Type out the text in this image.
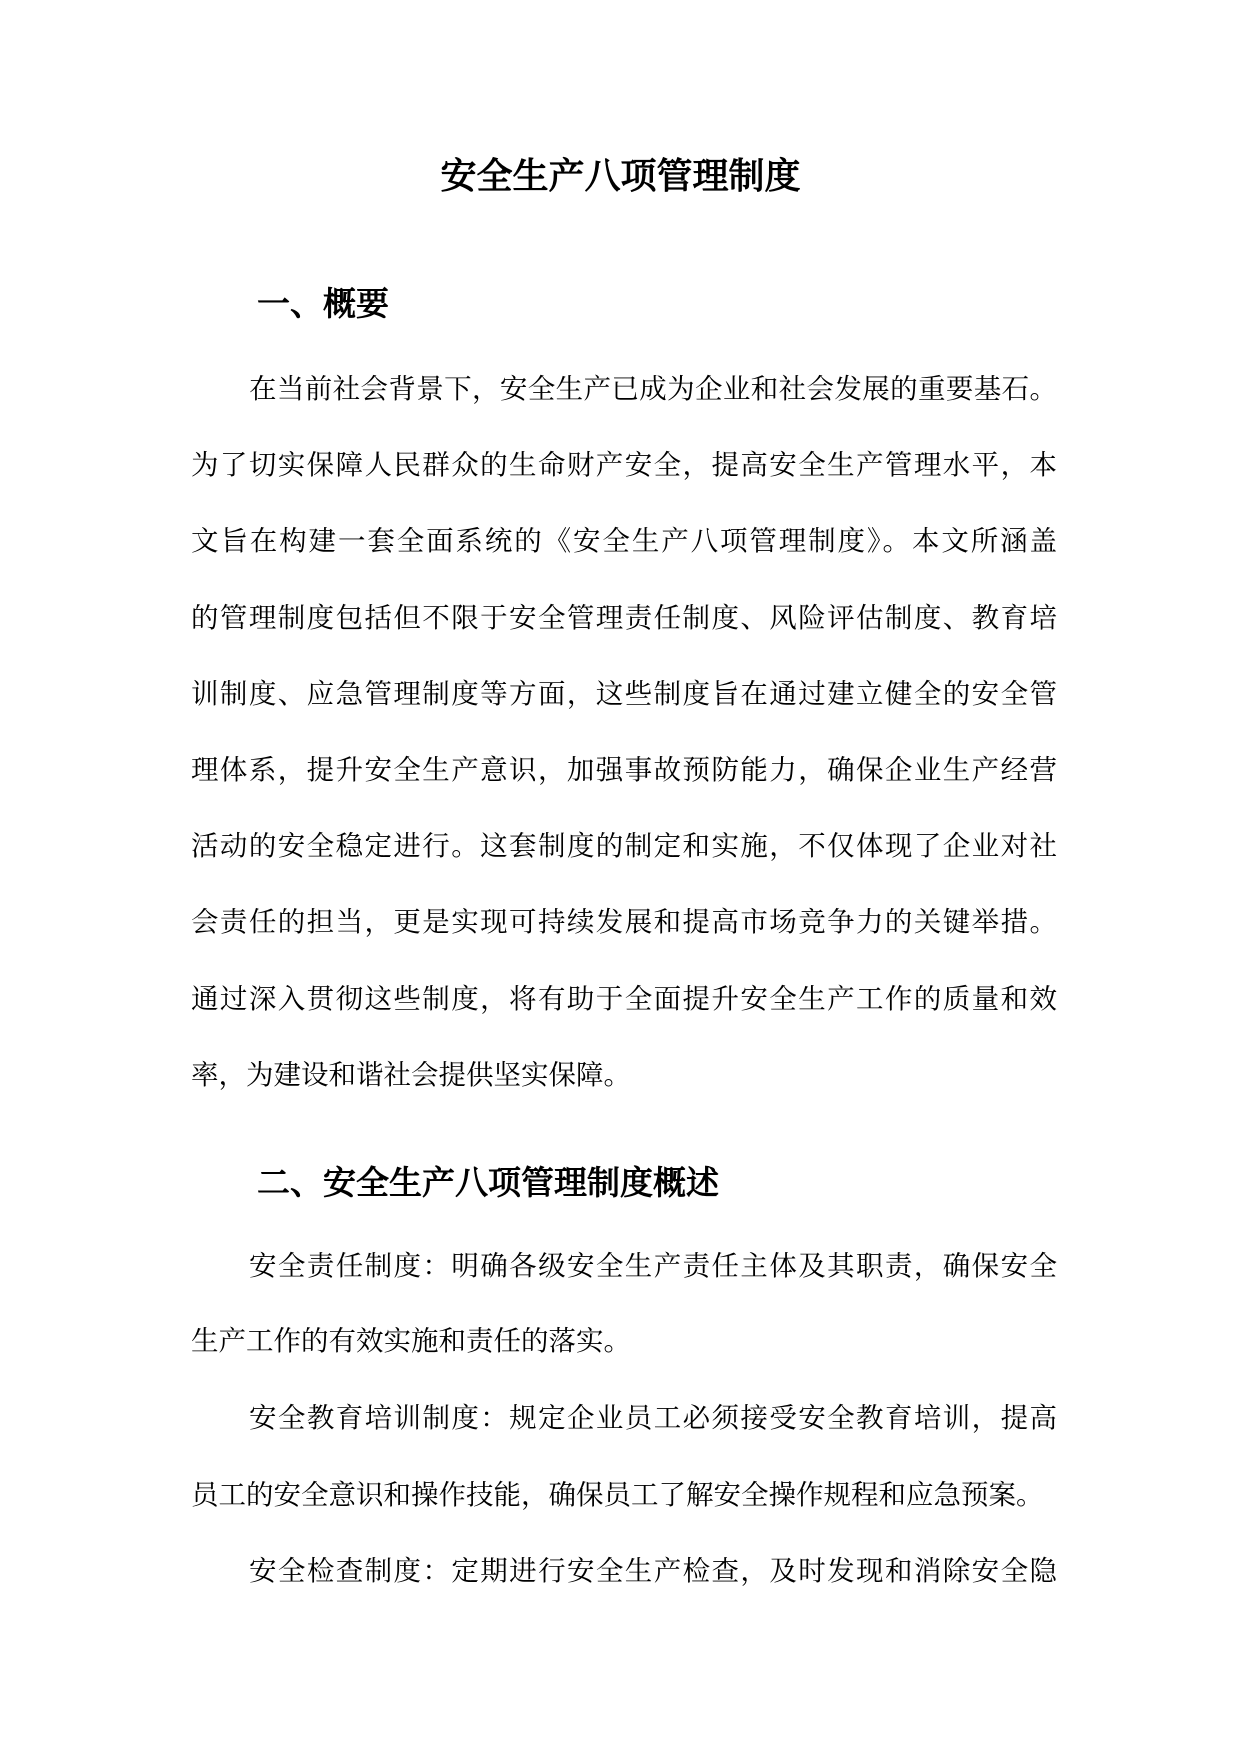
安全生产八项管理制度
一、概要
在当前社会背景下，安全生产已成为企业和社会发展的重要基石。
为了切实保障人民群众的生命财产安全，提高安全生产管理水平，本
文旨在构建一套全面系统的《安全生产八项管理制度》。本文所涵盖
的管理制度包括但不限于安全管理责任制度、风险评估制度、教育培
训制度、应急管理制度等方面，这些制度旨在通过建立健全的安全管
理体系，提升安全生产意识，加强事故预防能力，确保企业生产经营
活动的安全稳定进行。这套制度的制定和实施，不仅体现了企业对社
会责任的担当，更是实现可持续发展和提高市场竞争力的关键举措。
通过深入贯彻这些制度，将有助于全面提升安全生产工作的质量和效
率，为建设和谐社会提供坚实保障。
二、安全生产八项管理制度概述
安全责任制度：明确各级安全生产责任主体及其职责，确保安全
生产工作的有效实施和责任的落实。
安全教育培训制度：规定企业员工必须接受安全教育培训，提高
员工的安全意识和操作技能，确保员工了解安全操作规程和应急预案。
安全检查制度：定期进行安全生产检查，及时发现和消除安全隐
